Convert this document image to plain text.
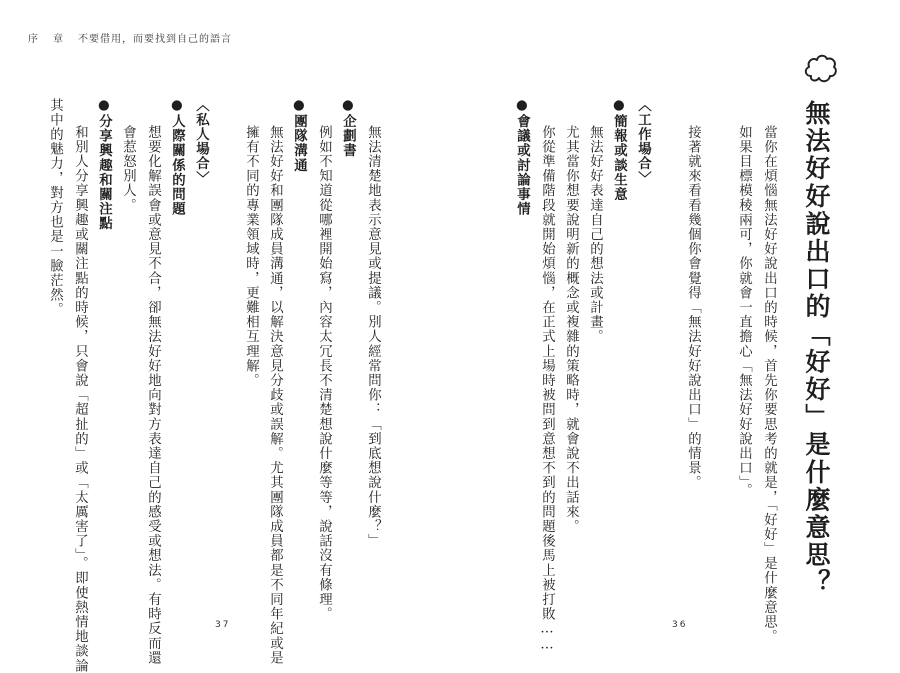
序 章 不要借用，而要找到自己的語言
無法好好說出口的「好好」是什麼意思？
當你在煩惱無法好好說出口的時候，首先你要思考的就是，「好好」是什麼意思。
如果目標模稜兩可，你就會一直擔心「無法好好說出口」。
接著就來看看幾個你會覺得「無法好好說出口」的情景。
〈工作場合〉
●簡報或談生意
無法好好表達自己的想法或計畫。
尤其當你想要說明新的概念或複雜的策略時，就會說不出話來。
你從準備階段就開始煩惱，在正式上場時被問到意想不到的問題後馬上被打敗……
●會議或討論事情
無法清楚地表示意見或提議。別人經常問你：「到底想說什麼？」
●企劃書
例如不知道從哪裡開始寫，內容太冗長不清楚想說什麼等等，說話沒有條理。
●團隊溝通
無法好好和團隊成員溝通，以解決意見分歧或誤解。尤其團隊成員都是不同年紀或是
擁有不同的專業領域時，更難相互理解。
〈私人場合〉
●人際關係的問題
想要化解誤會或意見不合，卻無法好好地向對方表達自己的感受或想法。有時反而還
會惹怒別人。
●分享興趣和關注點
和別人分享興趣或關注點的時候，只會說「超扯的」或「太厲害了」。即使熱情地談論
其中的魅力，對方也是一臉茫然。
37	36
